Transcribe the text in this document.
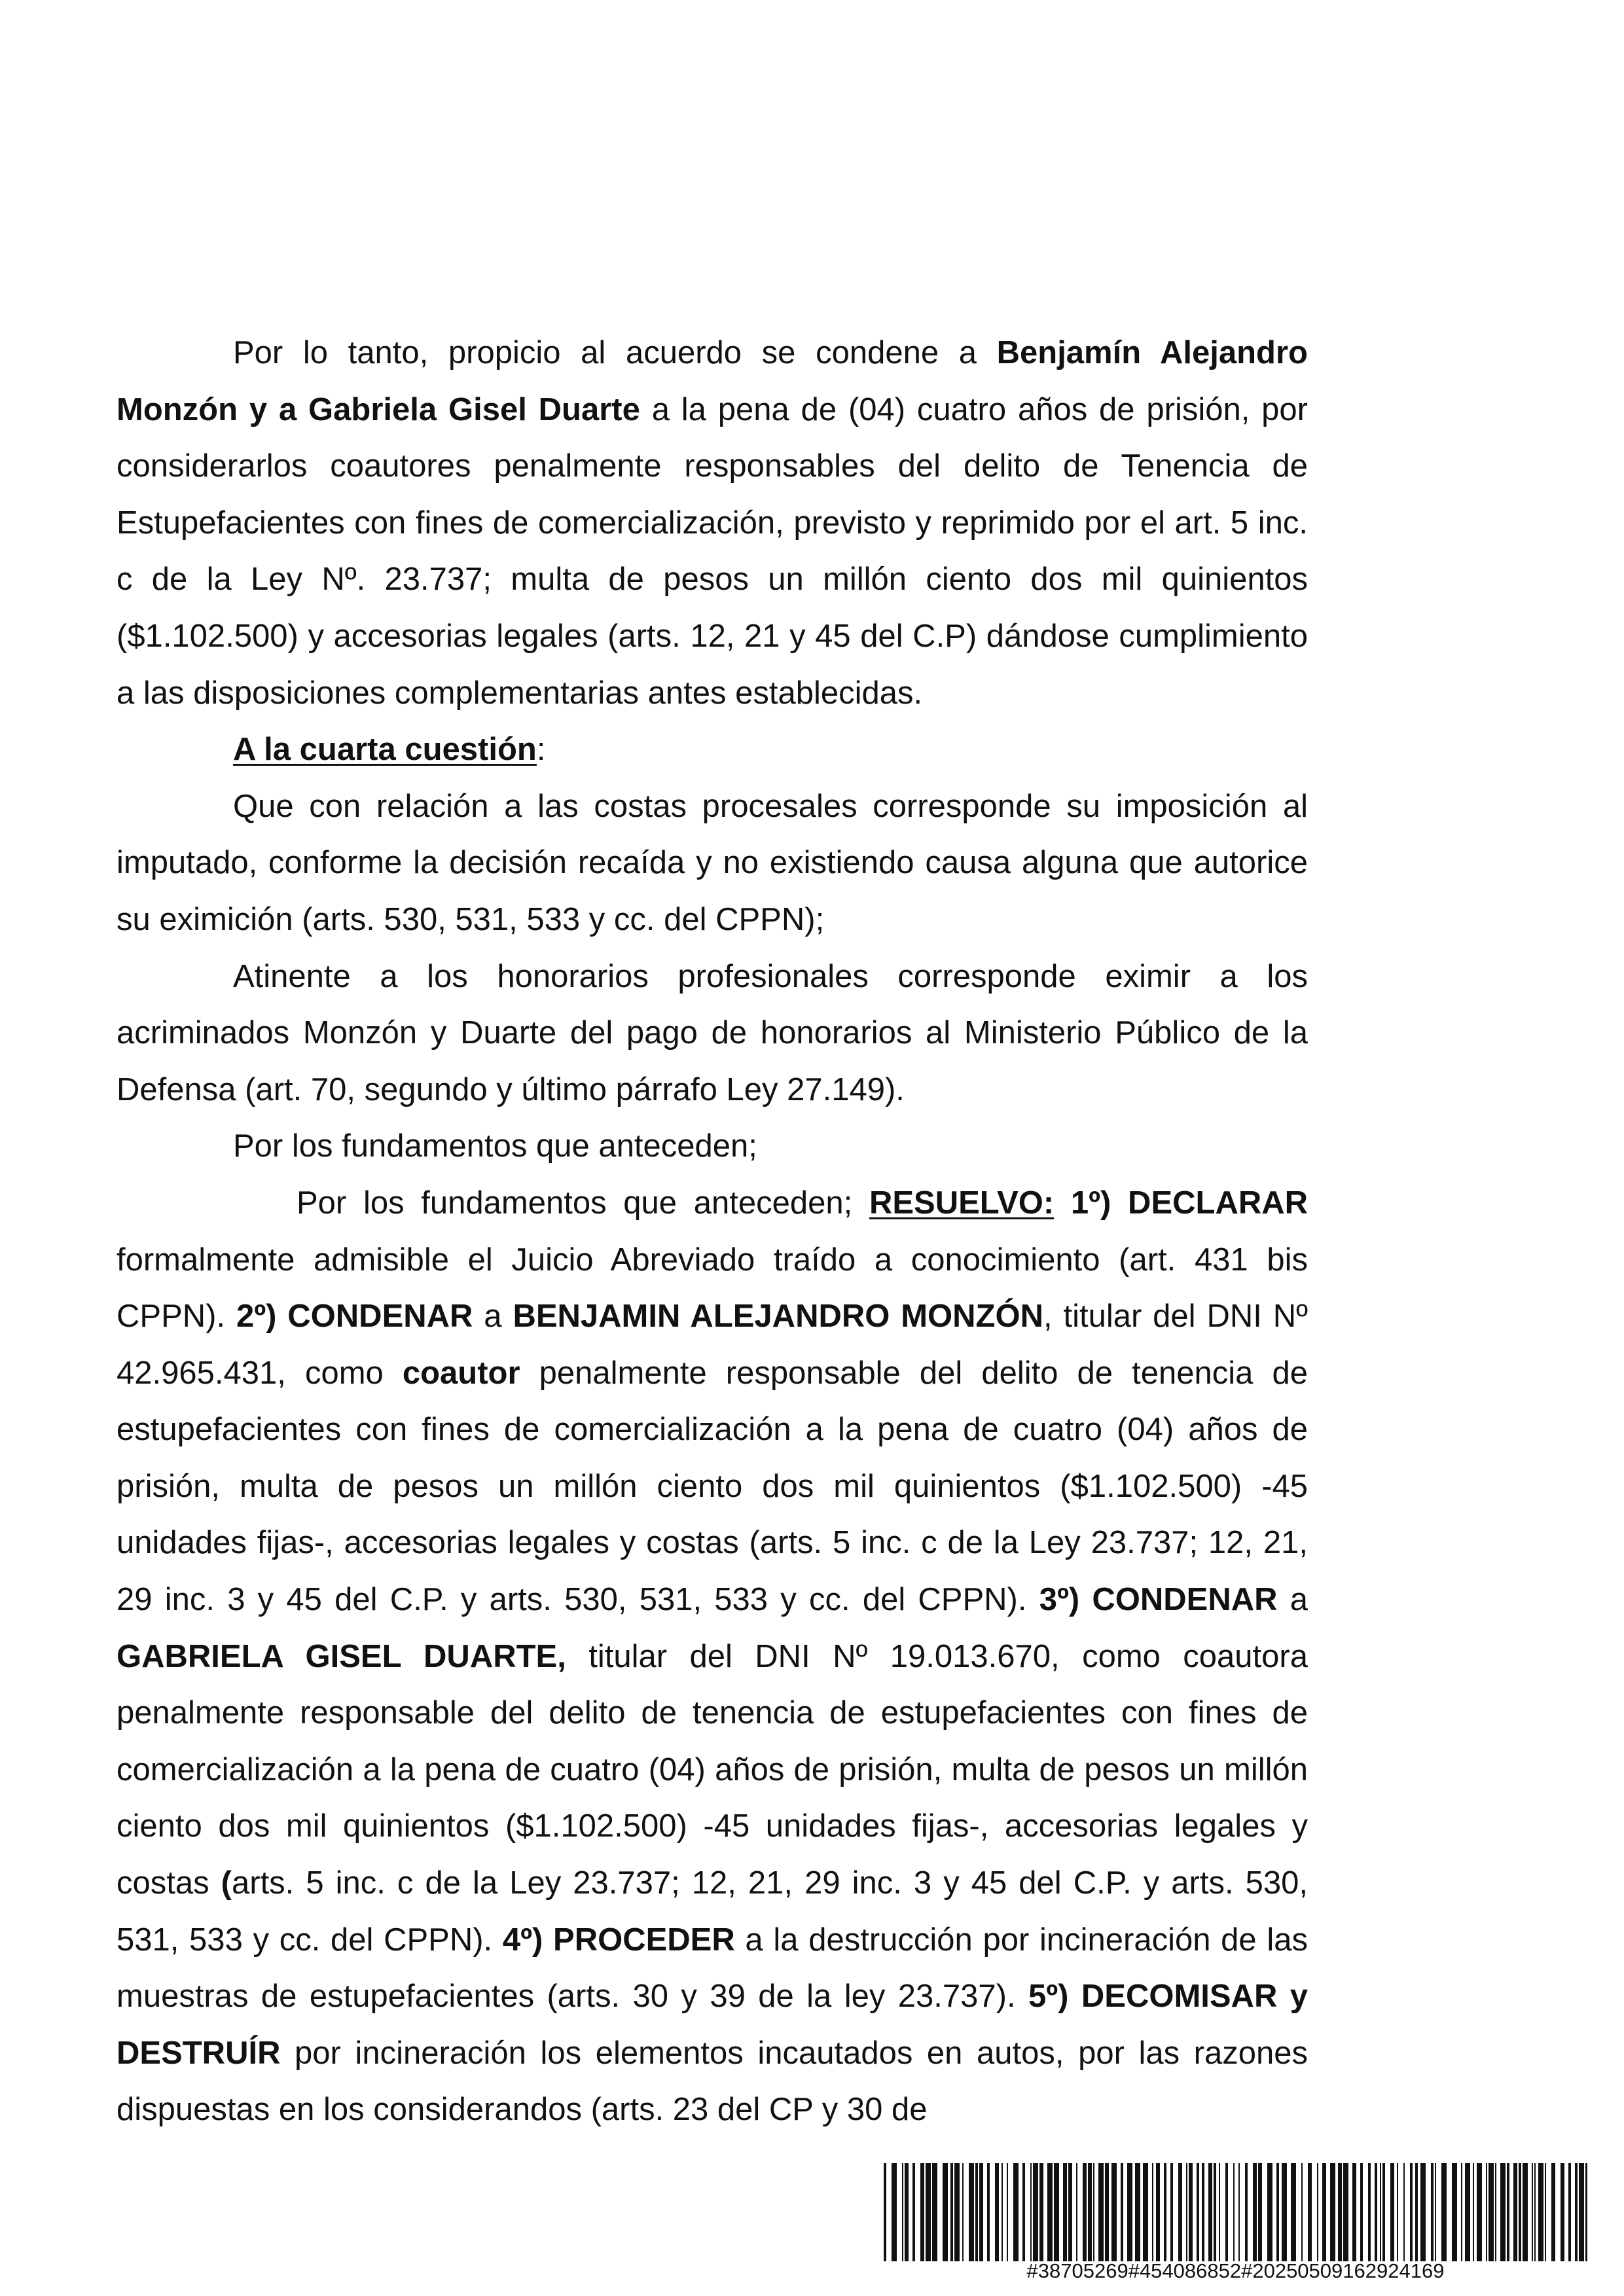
Por lo tanto, propicio al acuerdo se condene a Benjamín Alejandro Monzón y a Gabriela Gisel Duarte a la pena de (04) cuatro años de prisión, por considerarlos coautores penalmente responsables del delito de Tenencia de Estupefacientes con fines de comercialización, previsto y reprimido por el art. 5 inc. c de la Ley Nº. 23.737; multa de pesos un millón ciento dos mil quinientos ($1.102.500) y accesorias legales (arts. 12, 21 y 45 del C.P) dándose cumplimiento a las disposiciones complementarias antes establecidas.

A la cuarta cuestión:

Que con relación a las costas procesales corresponde su imposición al imputado, conforme la decisión recaída y no existiendo causa alguna que autorice su eximición (arts. 530, 531, 533 y cc. del CPPN);

Atinente a los honorarios profesionales corresponde eximir a los acriminados Monzón y Duarte del pago de honorarios al Ministerio Público de la Defensa (art. 70, segundo y último párrafo Ley 27.149).

Por los fundamentos que anteceden;

Por los fundamentos que anteceden; RESUELVO: 1º) DECLARAR formalmente admisible el Juicio Abreviado traído a conocimiento (art. 431 bis CPPN). 2º) CONDENAR a BENJAMIN ALEJANDRO MONZÓN, titular del DNI Nº 42.965.431, como coautor penalmente responsable del delito de tenencia de estupefacientes con fines de comercialización a la pena de cuatro (04) años de prisión, multa de pesos un millón ciento dos mil quinientos ($1.102.500) -45 unidades fijas-, accesorias legales y costas (arts. 5 inc. c de la Ley 23.737; 12, 21, 29 inc. 3 y 45 del C.P. y arts. 530, 531, 533 y cc. del CPPN). 3º) CONDENAR a GABRIELA GISEL DUARTE, titular del DNI Nº 19.013.670, como coautora penalmente responsable del delito de tenencia de estupefacientes con fines de comercialización a la pena de cuatro (04) años de prisión, multa de pesos un millón ciento dos mil quinientos ($1.102.500) -45 unidades fijas-, accesorias legales y costas (arts. 5 inc. c de la Ley 23.737; 12, 21, 29 inc. 3 y 45 del C.P. y arts. 530, 531, 533 y cc. del CPPN). 4º) PROCEDER a la destrucción por incineración de las muestras de estupefacientes (arts. 30 y 39 de la ley 23.737). 5º) DECOMISAR y DESTRUÍR por incineración los elementos incautados en autos, por las razones dispuestas en los considerandos (arts. 23 del CP y 30 de

#38705269#454086852#20250509162924169
